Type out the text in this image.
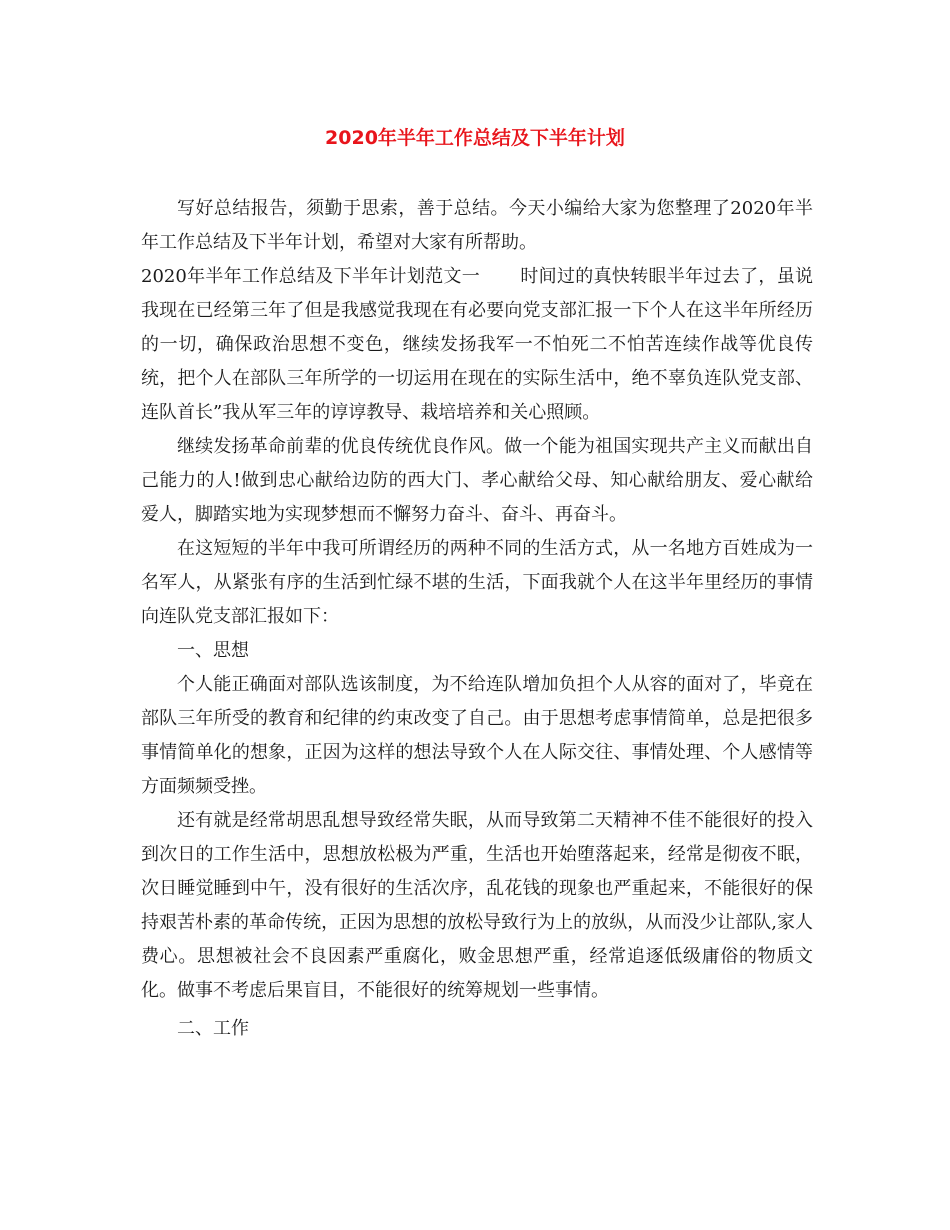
2020年半年工作总结及下半年计划

写好总结报告，须勤于思索，善于总结。今天小编给大家为您整理了2020年半年工作总结及下半年计划，希望对大家有所帮助。

2020年半年工作总结及下半年计划范文一 时间过的真快转眼半年过去了，虽说我现在已经第三年了但是我感觉我现在有必要向党支部汇报一下个人在这半年所经历的一切，确保政治思想不变色，继续发扬我军一不怕死二不怕苦连续作战等优良传统，把个人在部队三年所学的一切运用在现在的实际生活中，绝不辜负连队党支部、连队首长”我从军三年的谆谆教导、栽培培养和关心照顾。

继续发扬革命前辈的优良传统优良作风。做一个能为祖国实现共产主义而献出自己能力的人!做到忠心献给边防的西大门、孝心献给父母、知心献给朋友、爱心献给爱人，脚踏实地为实现梦想而不懈努力奋斗、奋斗、再奋斗。

在这短短的半年中我可所谓经历的两种不同的生活方式，从一名地方百姓成为一名军人，从紧张有序的生活到忙绿不堪的生活，下面我就个人在这半年里经历的事情向连队党支部汇报如下：

一、思想

个人能正确面对部队选该制度，为不给连队增加负担个人从容的面对了，毕竟在部队三年所受的教育和纪律的约束改变了自己。由于思想考虑事情简单，总是把很多事情简单化的想象，正因为这样的想法导致个人在人际交往、事情处理、个人感情等方面频频受挫。

还有就是经常胡思乱想导致经常失眠，从而导致第二天精神不佳不能很好的投入到次日的工作生活中，思想放松极为严重，生活也开始堕落起来，经常是彻夜不眠，次日睡觉睡到中午，没有很好的生活次序，乱花钱的现象也严重起来，不能很好的保持艰苦朴素的革命传统，正因为思想的放松导致行为上的放纵，从而没少让部队,家人费心。思想被社会不良因素严重腐化，败金思想严重，经常追逐低级庸俗的物质文化。做事不考虑后果盲目，不能很好的统筹规划一些事情。

二、工作
